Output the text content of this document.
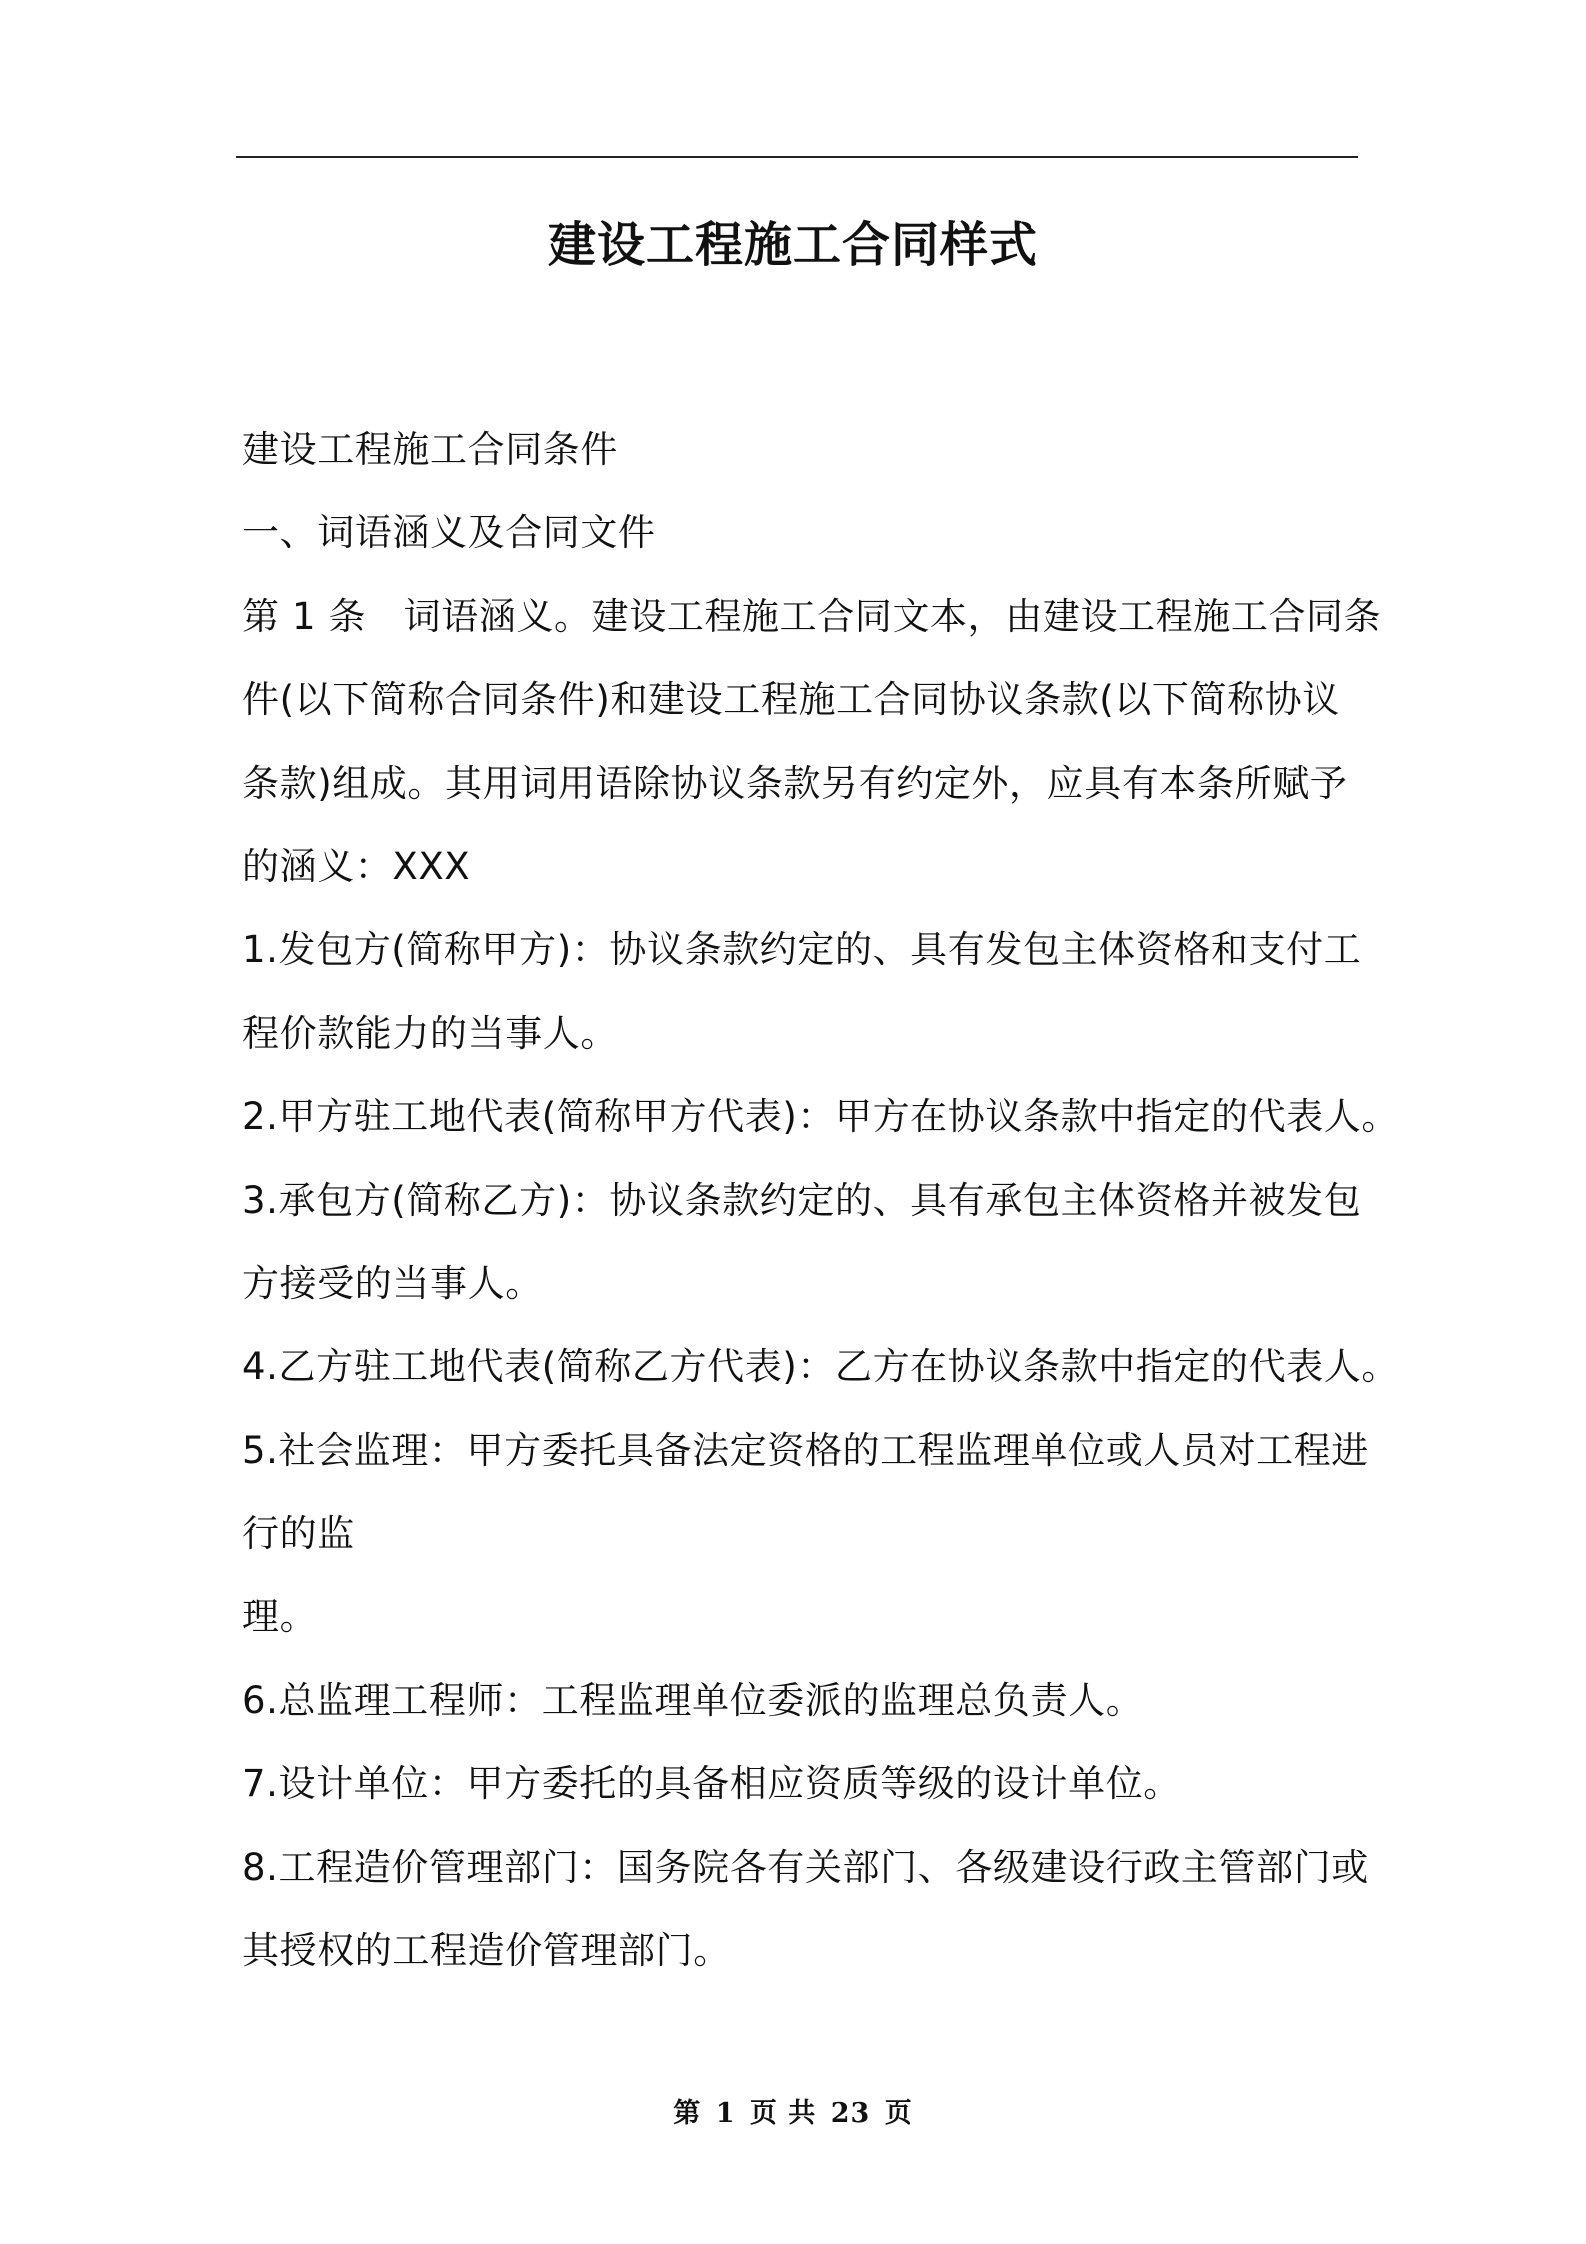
建设工程施工合同样式
建设工程施工合同条件
一、词语涵义及合同文件
第 1 条　词语涵义。建设工程施工合同文本，由建设工程施工合同条
件(以下简称合同条件)和建设工程施工合同协议条款(以下简称协议
条款)组成。其用词用语除协议条款另有约定外，应具有本条所赋予
的涵义：XXX
1.发包方(简称甲方)：协议条款约定的、具有发包主体资格和支付工
程价款能力的当事人。
2.甲方驻工地代表(简称甲方代表)：甲方在协议条款中指定的代表人。
3.承包方(简称乙方)：协议条款约定的、具有承包主体资格并被发包
方接受的当事人。
4.乙方驻工地代表(简称乙方代表)：乙方在协议条款中指定的代表人。
5.社会监理：甲方委托具备法定资格的工程监理单位或人员对工程进
行的监
理。
6.总监理工程师：工程监理单位委派的监理总负责人。
7.设计单位：甲方委托的具备相应资质等级的设计单位。
8.工程造价管理部门：国务院各有关部门、各级建设行政主管部门或
其授权的工程造价管理部门。
第 1 页 共 23 页
